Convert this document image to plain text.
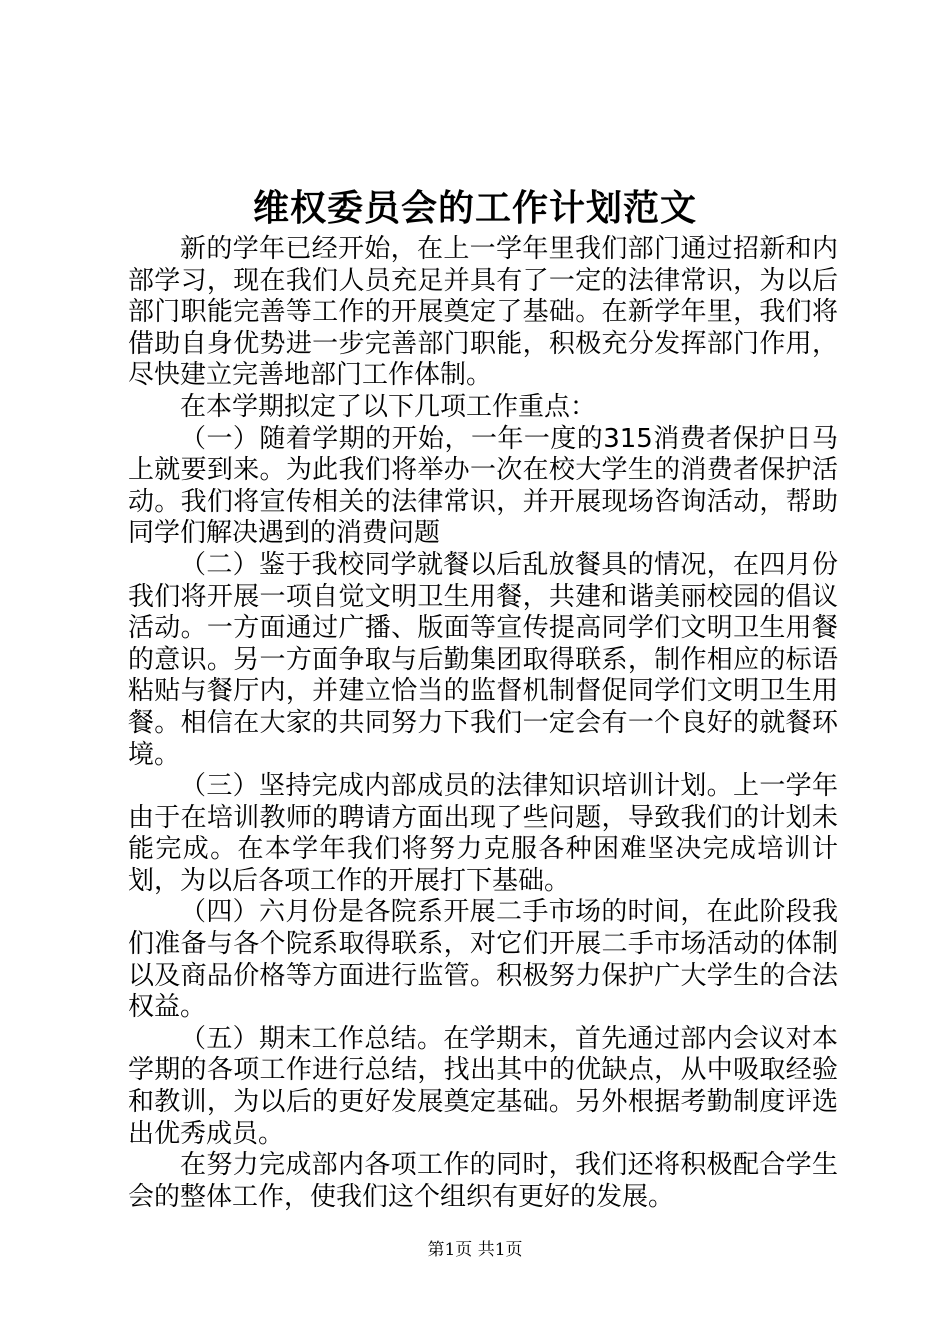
维权委员会的工作计划范文

新的学年已经开始，在上一学年里我们部门通过招新和内部学习，现在我们人员充足并具有了一定的法律常识，为以后部门职能完善等工作的开展奠定了基础。在新学年里，我们将借助自身优势进一步完善部门职能，积极充分发挥部门作用，尽快建立完善地部门工作体制。

在本学期拟定了以下几项工作重点：

（一）随着学期的开始，一年一度的315消费者保护日马上就要到来。为此我们将举办一次在校大学生的消费者保护活动。我们将宣传相关的法律常识，并开展现场咨询活动，帮助同学们解决遇到的消费问题

（二）鉴于我校同学就餐以后乱放餐具的情况，在四月份我们将开展一项自觉文明卫生用餐，共建和谐美丽校园的倡议活动。一方面通过广播、版面等宣传提高同学们文明卫生用餐的意识。另一方面争取与后勤集团取得联系，制作相应的标语粘贴与餐厅内，并建立恰当的监督机制督促同学们文明卫生用餐。相信在大家的共同努力下我们一定会有一个良好的就餐环境。

（三）坚持完成内部成员的法律知识培训计划。上一学年由于在培训教师的聘请方面出现了些问题，导致我们的计划未能完成。在本学年我们将努力克服各种困难坚决完成培训计划，为以后各项工作的开展打下基础。

（四）六月份是各院系开展二手市场的时间，在此阶段我们准备与各个院系取得联系，对它们开展二手市场活动的体制以及商品价格等方面进行监管。积极努力保护广大学生的合法权益。

（五）期末工作总结。在学期末，首先通过部内会议对本学期的各项工作进行总结，找出其中的优缺点，从中吸取经验和教训，为以后的更好发展奠定基础。另外根据考勤制度评选出优秀成员。

在努力完成部内各项工作的同时，我们还将积极配合学生会的整体工作，使我们这个组织有更好的发展。

第1页 共1页
